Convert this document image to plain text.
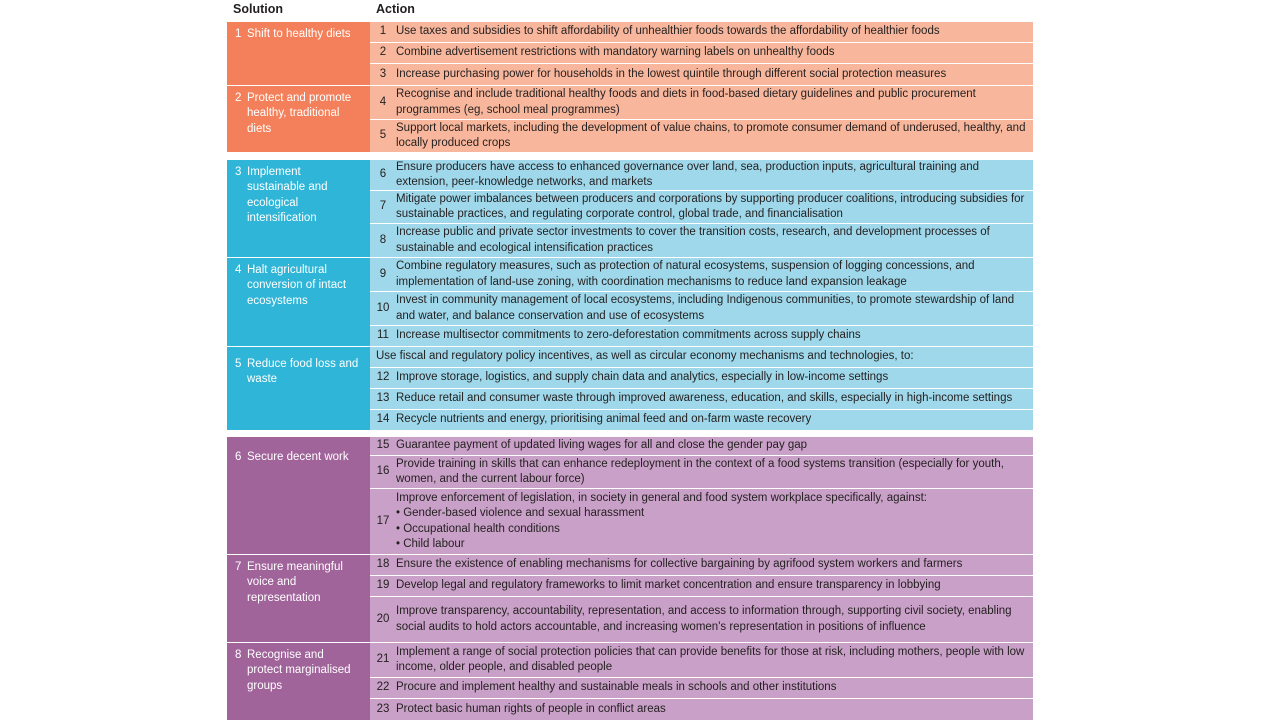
Solution	Action
1 Shift to healthy diets
2 Protect and promote healthy, traditional diets
3 Implement sustainable and ecological intensification
4 Halt agricultural conversion of intact ecosystems
5 Reduce food loss and waste
6 Secure decent work
7 Ensure meaningful voice and representation
8 Recognise and protect marginalised groups
1 Use taxes and subsidies to shift affordability of unhealthier foods towards the affordability of healthier foods
2 Combine advertisement restrictions with mandatory warning labels on unhealthy foods
3 Increase purchasing power for households in the lowest quintile through different social protection measures
4
Recognise and include traditional healthy foods and diets in food-based dietary guidelines and public procurement programmes (eg, school meal programmes)
5
Support local markets, including the development of value chains, to promote consumer demand of underused, healthy, and locally produced crops
6
Ensure producers have access to enhanced governance over land, sea, production inputs, agricultural training and extension, peer-knowledge networks, and markets
7
Mitigate power imbalances between producers and corporations by supporting producer coalitions, introducing subsidies for sustainable practices, and regulating corporate control, global trade, and financialisation
8
Increase public and private sector investments to cover the transition costs, research, and development processes of sustainable and ecological intensification practices
9
Combine regulatory measures, such as protection of natural ecosystems, suspension of logging concessions, and implementation of land-use zoning, with coordination mechanisms to reduce land expansion leakage
10
Invest in community management of local ecosystems, including Indigenous communities, to promote stewardship of land and water, and balance conservation and use of ecosystems
11 Increase multisector commitments to zero-deforestation commitments across supply chains
Use fiscal and regulatory policy incentives, as well as circular economy mechanisms and technologies, to:
12 Improve storage, logistics, and supply chain data and analytics, especially in low-income settings
13 Reduce retail and consumer waste through improved awareness, education, and skills, especially in high-income settings
14 Recycle nutrients and energy, prioritising animal feed and on-farm waste recovery
15 Guarantee payment of updated living wages for all and close the gender pay gap
16
Provide training in skills that can enhance redeployment in the context of a food systems transition (especially for youth, women, and the current labour force)
17
Improve enforcement of legislation, in society in general and food system workplace specifically, against:
• Gender-based violence and sexual harassment
• Occupational health conditions
• Child labour
18 Ensure the existence of enabling mechanisms for collective bargaining by agrifood system workers and farmers
19 Develop legal and regulatory frameworks to limit market concentration and ensure transparency in lobbying
20
Improve transparency, accountability, representation, and access to information through, supporting civil society, enabling social audits to hold actors accountable, and increasing women's representation in positions of influence
21
Implement a range of social protection policies that can provide benefits for those at risk, including mothers, people with low income, older people, and disabled people
22 Procure and implement healthy and sustainable meals in schools and other institutions
23 Protect basic human rights of people in conflict areas
